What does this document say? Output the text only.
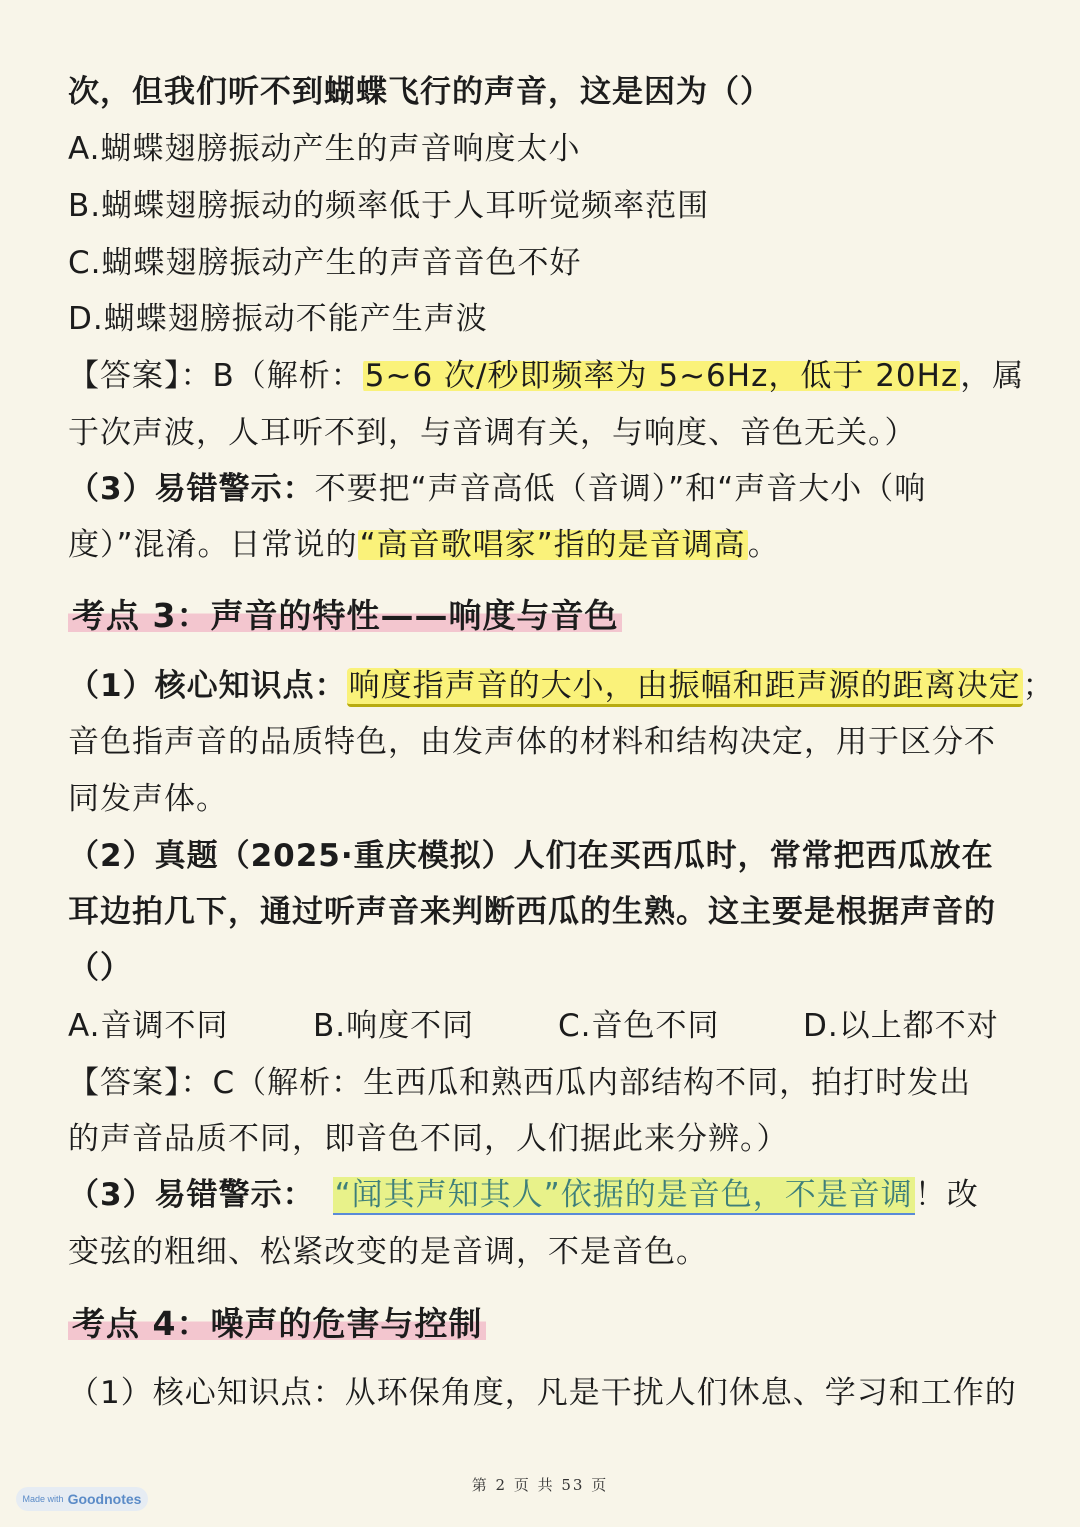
次，但我们听不到蝴蝶飞行的声音，这是因为（）
A.蝴蝶翅膀振动产生的声音响度太小
B.蝴蝶翅膀振动的频率低于人耳听觉频率范围
C.蝴蝶翅膀振动产生的声音音色不好
D.蝴蝶翅膀振动不能产生声波
【答案】：B（解析：5~6 次/秒即频率为 5~6Hz，低于 20Hz，属
于次声波，人耳听不到，与音调有关，与响度、音色无关。）
（3）易错警示：不要把“声音高低（音调）”和“声音大小（响
度）”混淆。日常说的“高音歌唱家”指的是音调高。
考点 3：声音的特性——响度与音色
（1）核心知识点：响度指声音的大小，由振幅和距声源的距离决定；
音色指声音的品质特色，由发声体的材料和结构决定，用于区分不
同发声体。
（2）真题（2025·重庆模拟）人们在买西瓜时，常常把西瓜放在
耳边拍几下，通过听声音来判断西瓜的生熟。这主要是根据声音的
（）
A.音调不同	B.响度不同	C.音色不同	D.以上都不对
【答案】：C（解析：生西瓜和熟西瓜内部结构不同，拍打时发出
的声音品质不同，即音色不同，人们据此来分辨。）
（3）易错警示： “闻其声知其人”依据的是音色，不是音调！改
变弦的粗细、松紧改变的是音调，不是音色。
考点 4：噪声的危害与控制
（1）核心知识点：从环保角度，凡是干扰人们休息、学习和工作的
第 2 页 共 53 页
Made with Goodnotes
